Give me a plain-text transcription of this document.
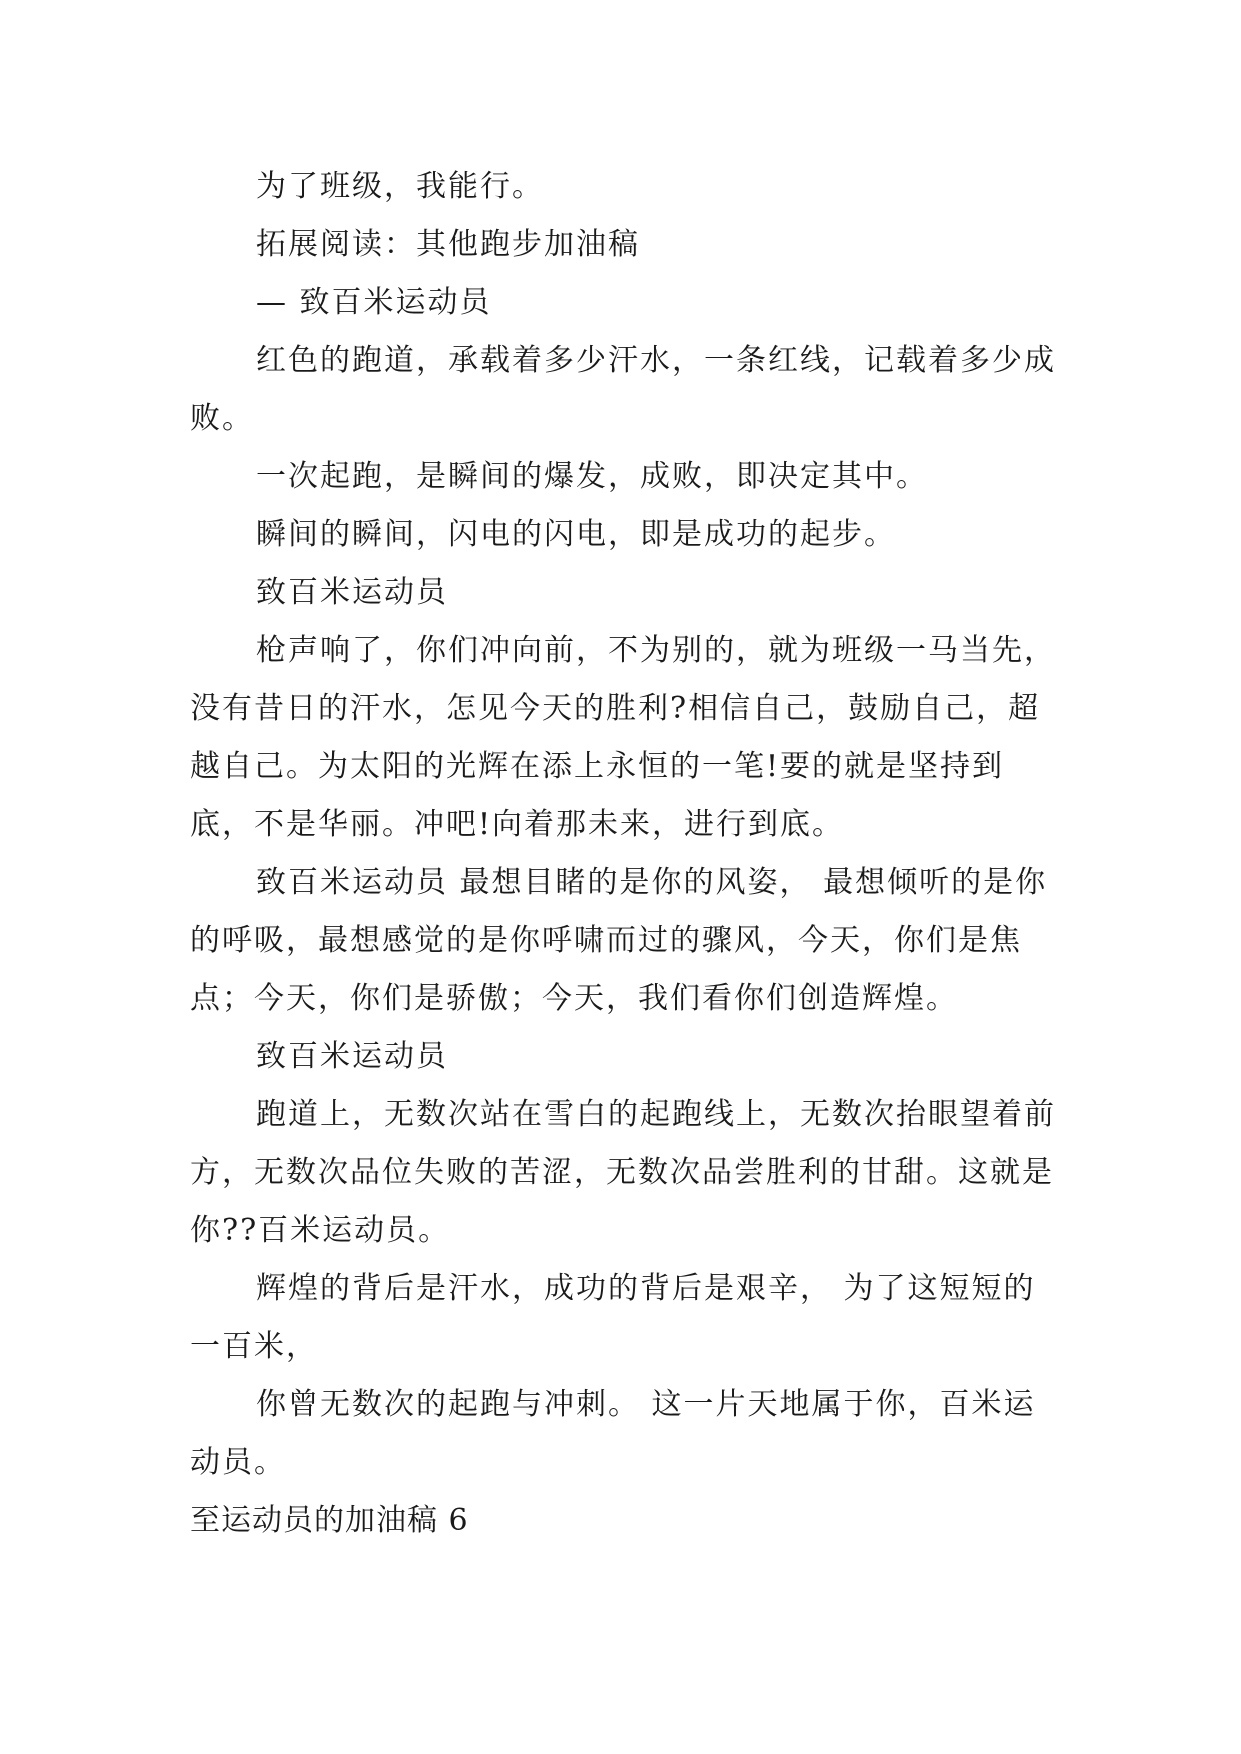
为了班级，我能行。

拓展阅读：其他跑步加油稿

— 致百米运动员

红色的跑道，承载着多少汗水，一条红线，记载着多少成败。

一次起跑，是瞬间的爆发，成败，即决定其中。

瞬间的瞬间，闪电的闪电，即是成功的起步。

致百米运动员

枪声响了，你们冲向前，不为别的，就为班级一马当先，没有昔日的汗水，怎见今天的胜利?相信自己，鼓励自己，超越自己。为太阳的光辉在添上永恒的一笔!要的就是坚持到底，不是华丽。冲吧!向着那未来，进行到底。

致百米运动员 最想目睹的是你的风姿， 最想倾听的是你的呼吸，最想感觉的是你呼啸而过的骤风，今天，你们是焦点；今天，你们是骄傲；今天，我们看你们创造辉煌。

致百米运动员

跑道上，无数次站在雪白的起跑线上，无数次抬眼望着前方，无数次品位失败的苦涩，无数次品尝胜利的甘甜。这就是你??百米运动员。

辉煌的背后是汗水，成功的背后是艰辛， 为了这短短的一百米，

你曾无数次的起跑与冲刺。 这一片天地属于你，百米运动员。

至运动员的加油稿 6
